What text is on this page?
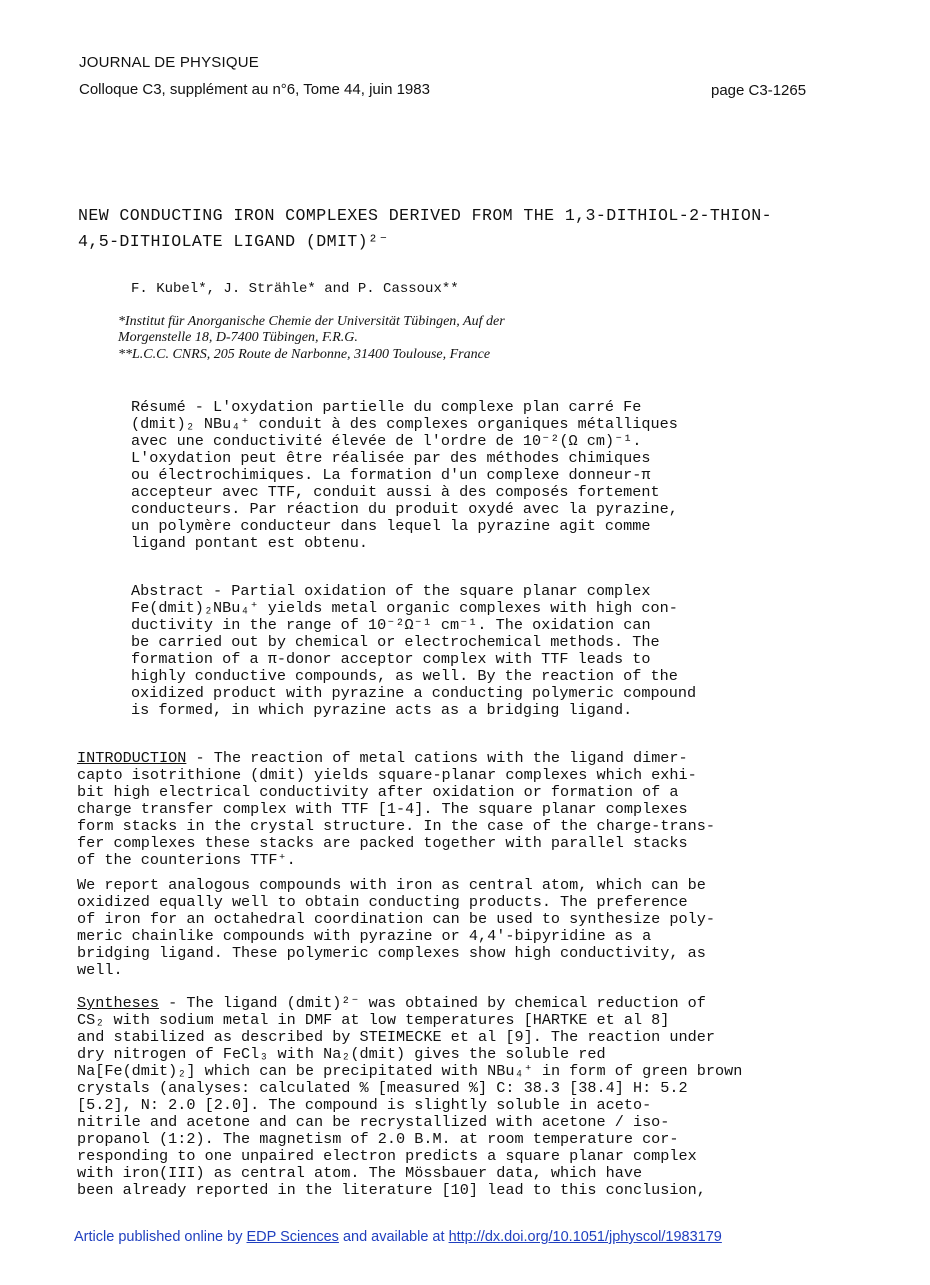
JOURNAL DE PHYSIQUE
Colloque C3, supplément au n°6, Tome 44, juin 1983	page C3-1265
NEW CONDUCTING IRON COMPLEXES DERIVED FROM THE 1,3-DITHIOL-2-THION-
4,5-DITHIOLATE LIGAND (DMIT)²⁻
F. Kubel*, J. Strähle* and P. Cassoux**
*Institut für Anorganische Chemie der Universität Tübingen, Auf der
Morgenstelle 18, D-7400 Tübingen, F.R.G.
**L.C.C. CNRS, 205 Route de Narbonne, 31400 Toulouse, France
Résumé - L'oxydation partielle du complexe plan carré Fe
(dmit)₂ NBu₄⁺ conduit à des complexes organiques métalliques
avec une conductivité élevée de l'ordre de 10⁻²(Ω cm)⁻¹.
L'oxydation peut être réalisée par des méthodes chimiques
ou électrochimiques. La formation d'un complexe donneur-π
accepteur avec TTF, conduit aussi à des composés fortement
conducteurs. Par réaction du produit oxydé avec la pyrazine,
un polymère conducteur dans lequel la pyrazine agit comme
ligand pontant est obtenu.
Abstract - Partial oxidation of the square planar complex
Fe(dmit)₂NBu₄⁺ yields metal organic complexes with high con-
ductivity in the range of 10⁻²Ω⁻¹ cm⁻¹. The oxidation can
be carried out by chemical or electrochemical methods. The
formation of a π-donor acceptor complex with TTF leads to
highly conductive compounds, as well. By the reaction of the
oxidized product with pyrazine a conducting polymeric compound
is formed, in which pyrazine acts as a bridging ligand.
INTRODUCTION - The reaction of metal cations with the ligand dimer-
capto isotrithione (dmit) yields square-planar complexes which exhi-
bit high electrical conductivity after oxidation or formation of a
charge transfer complex with TTF [1-4]. The square planar complexes
form stacks in the crystal structure. In the case of the charge-trans-
fer complexes these stacks are packed together with parallel stacks
of the counterions TTF⁺.
We report analogous compounds with iron as central atom, which can be
oxidized equally well to obtain conducting products. The preference
of iron for an octahedral coordination can be used to synthesize poly-
meric chainlike compounds with pyrazine or 4,4'-bipyridine as a
bridging ligand. These polymeric complexes show high conductivity, as
well.
Syntheses - The ligand (dmit)²⁻ was obtained by chemical reduction of
CS₂ with sodium metal in DMF at low temperatures [HARTKE et al 8]
and stabilized as described by STEIMECKE et al [9]. The reaction under
dry nitrogen of FeCl₃ with Na₂(dmit) gives the soluble red
Na[Fe(dmit)₂] which can be precipitated with NBu₄⁺ in form of green brown
crystals (analyses: calculated % [measured %] C: 38.3 [38.4] H: 5.2
[5.2], N: 2.0 [2.0]. The compound is slightly soluble in aceto-
nitrile and acetone and can be recrystallized with acetone / iso-
propanol (1:2). The magnetism of 2.0 B.M. at room temperature cor-
responding to one unpaired electron predicts a square planar complex
with iron(III) as central atom. The Mössbauer data, which have
been already reported in the literature [10] lead to this conclusion,
Article published online by EDP Sciences and available at http://dx.doi.org/10.1051/jphyscol/1983179
